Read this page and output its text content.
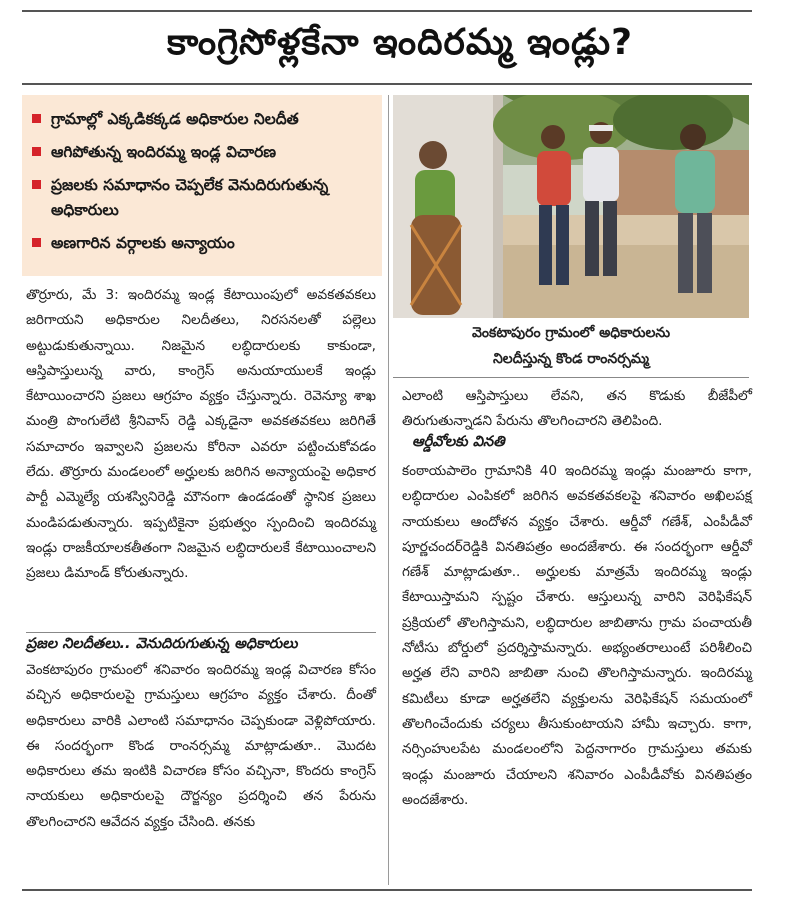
కాంగ్రెసోళ్లకేనా ఇందిరమ్మ ఇండ్లు?
గ్రామాల్లో ఎక్కడికక్కడ అధికారుల నిలదీత
ఆగిపోతున్న ఇందిరమ్మ ఇండ్ల విచారణ
ప్రజలకు సమాధానం చెప్పలేక వెనుదిరుగుతున్న అధికారులు
అణగారిన వర్గాలకు అన్యాయం
వెంకటాపురం గ్రామంలో అధికారులను
నిలదీస్తున్న కొండ రాంనర్సమ్మ
తొర్రూరు, మే 3: ఇందిరమ్మ ఇండ్ల కేటాయింపులో అవకతవకలు జరిగాయని అధికారుల నిలదీతలు, నిరసనలతో పల్లెలు అట్టుడుకుతున్నాయి. నిజమైన లబ్ధిదారులకు కాకుండా, ఆస్తిపాస్తులున్న వారు, కాంగ్రెస్ అనుయాయులకే ఇండ్లు కేటాయించారని ప్రజలు ఆగ్రహం వ్యక్తం చేస్తున్నారు. రెవెన్యూ శాఖ మంత్రి పొంగులేటి శ్రీనివాస్ రెడ్డి ఎక్కడైనా అవకతవకలు జరిగితే సమాచారం ఇవ్వాలని ప్రజలను కోరినా ఎవరూ పట్టించుకోవడం లేదు. తొర్రూరు మండలంలో అర్హులకు జరిగిన అన్యాయంపై అధికార పార్టీ ఎమ్మెల్యే యశస్వినిరెడ్డి మౌనంగా ఉండడంతో స్థానిక ప్రజలు మండిపడుతున్నారు. ఇప్పటికైనా ప్రభుత్వం స్పందించి ఇందిరమ్మ ఇండ్లు రాజకీయాలకతీతంగా నిజమైన లబ్ధిదారులకే కేటాయించాలని ప్రజలు డిమాండ్ కోరుతున్నారు.
ప్రజల నిలదీతలు.. వెనుదిరుగుతున్న అధికారులు
వెంకటాపురం గ్రామంలో శనివారం ఇందిరమ్మ ఇండ్ల విచారణ కోసం వచ్చిన అధికారులపై గ్రామస్తులు ఆగ్రహం వ్యక్తం చేశారు. దీంతో అధికారులు వారికి ఎలాంటి సమాధానం చెప్పకుండా వెళ్లిపోయారు. ఈ సందర్భంగా కొండ రాంనర్సమ్మ మాట్లాడుతూ.. మొదట అధికారులు తమ ఇంటికి విచారణ కోసం వచ్చినా, కొందరు కాంగ్రెస్ నాయకులు అధికారులపై దౌర్జన్యం ప్రదర్శించి తన పేరును తొలగించారని ఆవేదన వ్యక్తం చేసింది. తనకు
ఎలాంటి ఆస్తిపాస్తులు లేవని, తన కొడుకు బీజేపీలో తిరుగుతున్నాడని పేరును తొలగించారని తెలిపింది.
ఆర్డీవోలకు వినతి
కంఠాయపాలెం గ్రామానికి 40 ఇందిరమ్మ ఇండ్లు మంజూరు కాగా, లబ్ధిదారుల ఎంపికలో జరిగిన అవకతవకలపై శనివారం అఖిలపక్ష నాయకులు ఆందోళన వ్యక్తం చేశారు. ఆర్డీవో గణేశ్, ఎంపీడీవో పూర్ణచందర్‌రెడ్డికి వినతిపత్రం అందజేశారు. ఈ సందర్భంగా ఆర్డీవో గణేశ్ మాట్లాడుతూ.. అర్హులకు మాత్రమే ఇందిరమ్మ ఇండ్లు కేటాయిస్తామని స్పష్టం చేశారు. ఆస్తులున్న వారిని వెరిఫికేషన్ ప్రక్రియలో తొలగిస్తామని, లబ్ధిదారుల జాబితాను గ్రామ పంచాయతీ నోటీసు బోర్డులో ప్రదర్శిస్తామన్నారు. అభ్యంతరాలుంటే పరిశీలించి అర్హత లేని వారిని జాబితా నుంచి తొలగిస్తామన్నారు. ఇందిరమ్మ కమిటీలు కూడా అర్హతలేని వ్యక్తులను వెరిఫికేషన్ సమయంలో తొలగించేందుకు చర్యలు తీసుకుంటాయని హామీ ఇచ్చారు. కాగా, నర్సింహులపేట మండలంలోని పెద్దనాగారం గ్రామస్తులు తమకు ఇండ్లు మంజూరు చేయాలని శనివారం ఎంపీడీవోకు వినతిపత్రం అందజేశారు.
